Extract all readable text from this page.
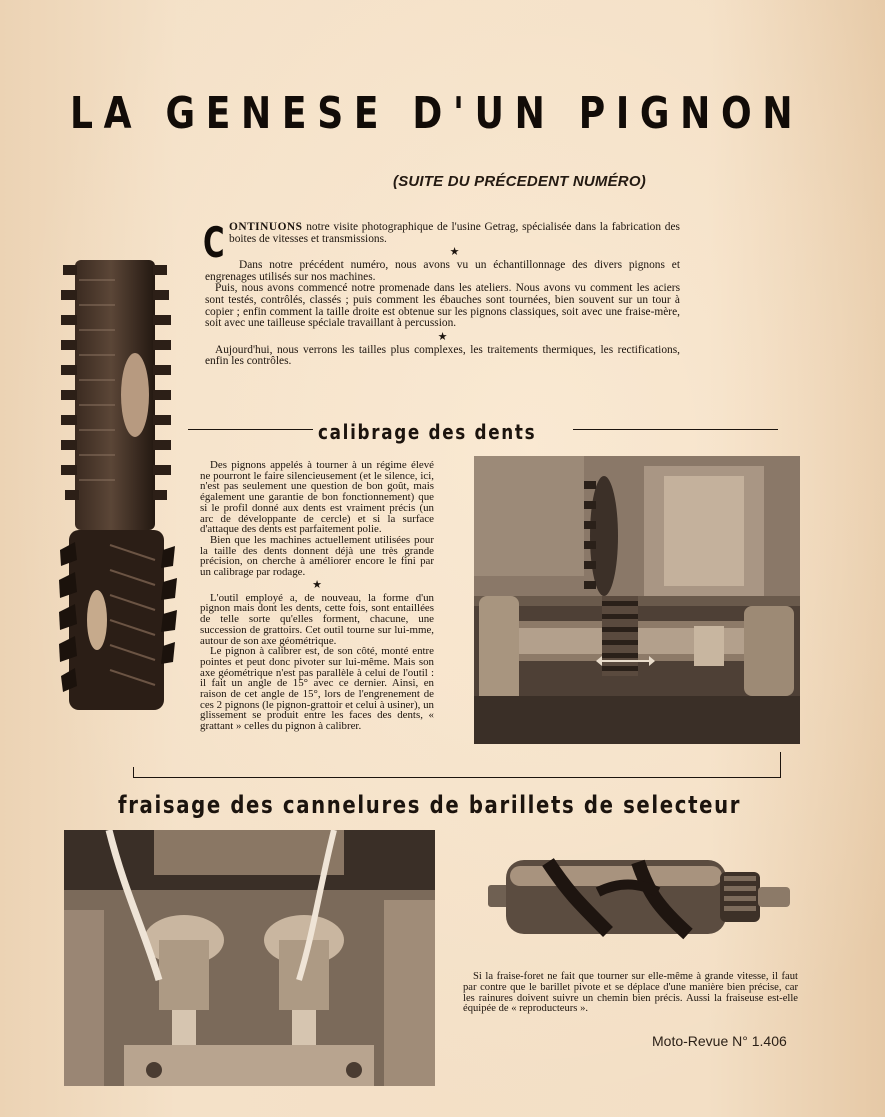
LA GENESE D'UN PIGNON
(SUITE DU PRÉCEDENT NUMÉRO)

CONTINUONS notre visite photographique de l'usine Getrag, spécialisée dans la fabrication des boites de vitesses et transmissions.

★

Dans notre précédent numéro, nous avons vu un échantillonnage des divers pignons et engrenages utilisés sur nos machines.

Puis, nous avons commencé notre promenade dans les ateliers. Nous avons vu comment les aciers sont testés, contrôlés, classés ; puis comment les ébauches sont tournées, bien souvent sur un tour à copier ; enfin comment la taille droite est obtenue sur les pignons classiques, soit avec une fraise-mère, soit avec une tailleuse spéciale travaillant à percussion.

★

Aujourd'hui, nous verrons les tailles plus complexes, les traitements thermiques, les rectifications, enfin les contrôles.

calibrage des dents

Des pignons appelés à tourner à un régime élevé ne pourront le faire silencieusement (et le silence, ici, n'est pas seulement une question de bon goût, mais également une garantie de bon fonctionnement) que si le profil donné aux dents est vraiment précis (un arc de développante de cercle) et si la surface d'attaque des dents est parfaitement polie.

Bien que les machines actuellement utilisées pour la taille des dents donnent déjà une très grande précision, on cherche à améliorer encore le fini par un calibrage par rodage.

★

L'outil employé a, de nouveau, la forme d'un pignon mais dont les dents, cette fois, sont entaillées de telle sorte qu'elles forment, chacune, une succession de grattoirs. Cet outil tourne sur lui-mme, autour de son axe géométrique.

Le pignon à calibrer est, de son côté, monté entre pointes et peut donc pivoter sur lui-même. Mais son axe géométrique n'est pas parallèle à celui de l'outil : il fait un angle de 15° avec ce dernier. Ainsi, en raison de cet angle de 15°, lors de l'engrenement de ces 2 pignons (le pignon-grattoir et celui à usiner), un glissement se produit entre les faces des dents, « grattant » celles du pignon à calibrer.

fraisage des cannelures de barillets de selecteur

Si la fraise-foret ne fait que tourner sur elle-même à grande vitesse, il faut par contre que le barillet pivote et se déplace d'une manière bien précise, car les rainures doivent suivre un chemin bien précis. Aussi la fraiseuse est-elle équipée de « reproducteurs ».

Moto-Revue N° 1.406
